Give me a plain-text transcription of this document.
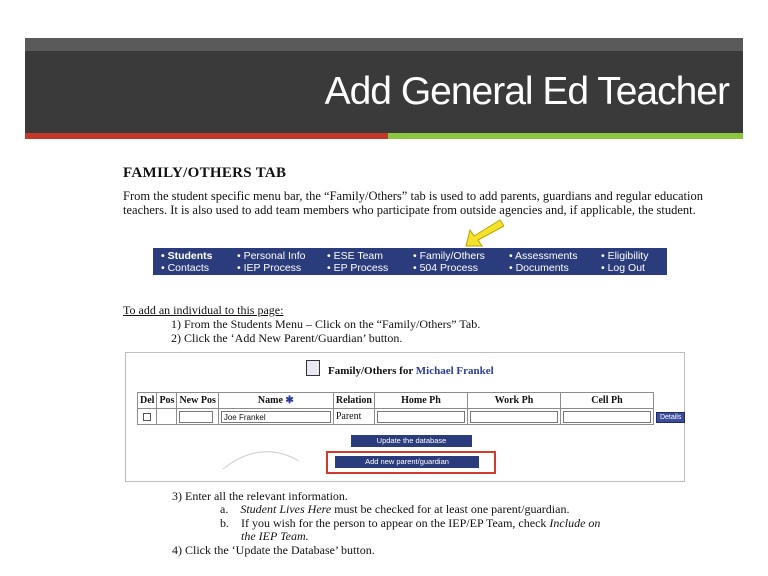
Add General Ed Teacher
FAMILY/OTHERS TAB
From the student specific menu bar, the “Family/Others” tab is used to add parents, guardians and regular education teachers. It is also used to add team members who participate from outside agencies and, if applicable, the student.
• Students • Personal Info • ESE Team	• Family/Others • Assessments • Eligibility
• Contacts	• IEP Process • EP Process • 504 Process	• Documents	• Log Out
To add an individual to this page:
1) From the Students Menu – Click on the “Family/Others” Tab.
2) Click the ‘Add New Parent/Guardian’ button.
Family/Others for Michael Frankel
Del	Pos	New Pos	Name ✱	Relation	Home Ph	Work Ph	Cell Ph	
			Joe Frankel	Parent				Details
Update the database
Add new parent/guardian
3) Enter all the relevant information.
a. Student Lives Here must be checked for at least one parent/guardian.
b. If you wish for the person to appear on the IEP/EP Team, check Include on
the IEP Team.
4) Click the ‘Update the Database’ button.
